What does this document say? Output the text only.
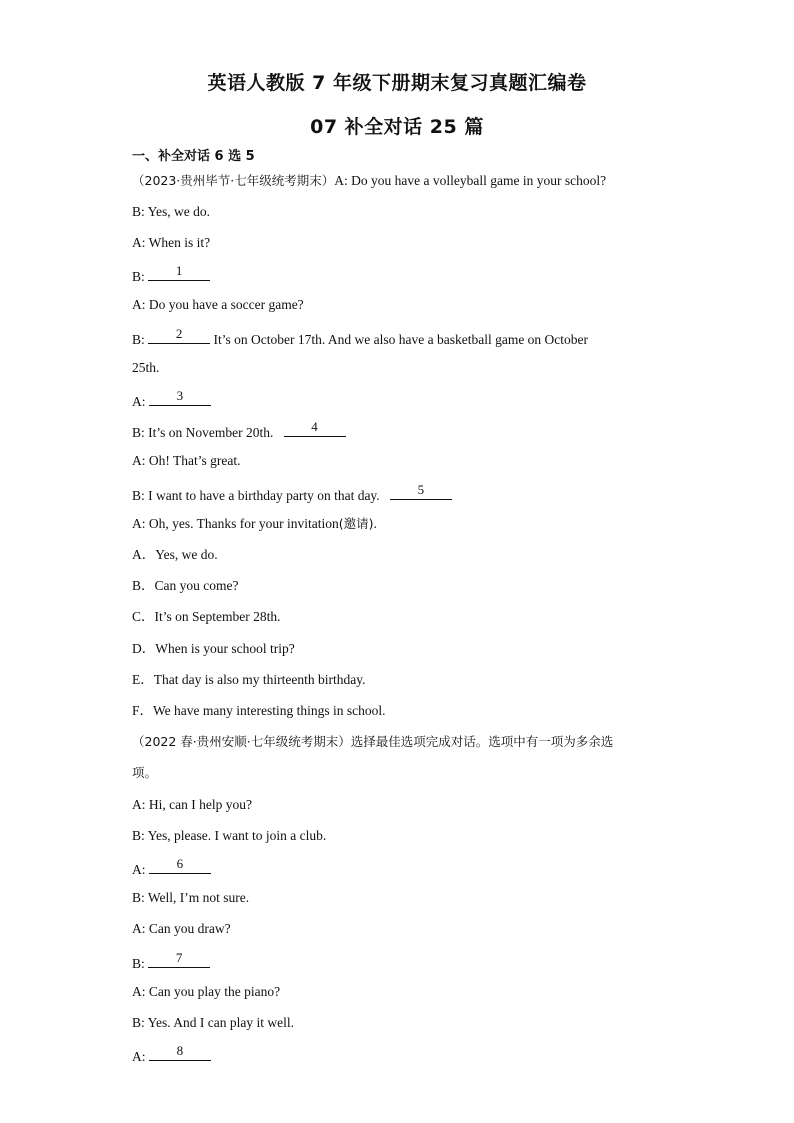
英语人教版 7 年级下册期末复习真题汇编卷
07 补全对话 25 篇
一、补全对话 6 选 5
（2023·贵州毕节·七年级统考期末）A: Do you have a volleyball game in your school?
B: Yes, we do.
A: When is it?
B:	1
A: Do you have a soccer game?
B:	2	It’s on October 17th. And we also have a basketball game on October
25th.
A:	3
B: It’s on November 20th.	4
A: Oh! That’s great.
B: I want to have a birthday party on that day.	5
A: Oh, yes. Thanks for your invitation(邀请).
A．Yes, we do.
B．Can you come?
C．It’s on September 28th.
D．When is your school trip?
E．That day is also my thirteenth birthday.
F．We have many interesting things in school.
（2022 春·贵州安顺·七年级统考期末）选择最佳选项完成对话。选项中有一项为多余选
项。
A: Hi, can I help you?
B: Yes, please. I want to join a club.
A:	6
B: Well, I’m not sure.
A: Can you draw?
B:	7
A: Can you play the piano?
B: Yes. And I can play it well.
A:	8
